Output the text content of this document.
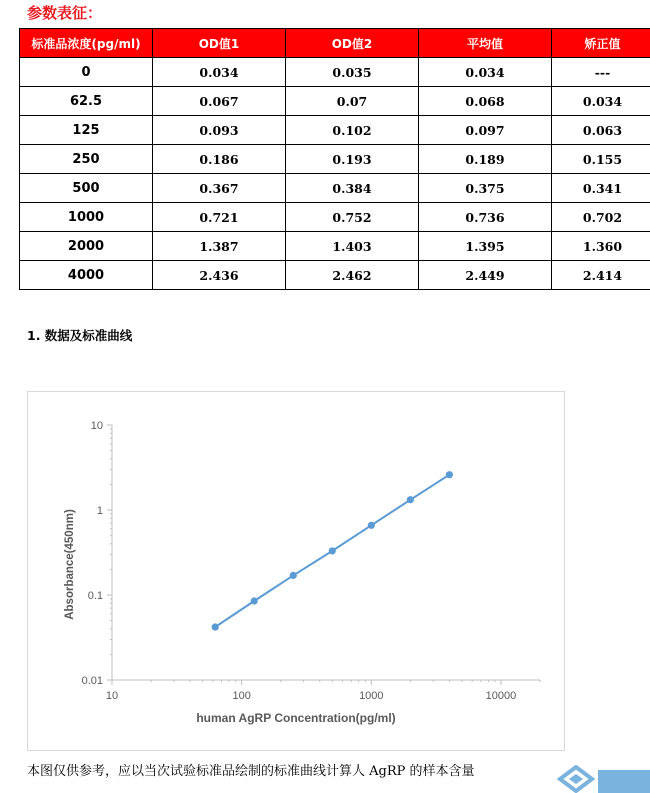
参数表征：
标准品浓度(pg/ml)	OD值1	OD值2	平均值	矫正值
0	0.034	0.035	0.034	---
62.5	0.067	0.07	0.068	0.034
125	0.093	0.102	0.097	0.063
250	0.186	0.193	0.189	0.155
500	0.367	0.384	0.375	0.341
1000	0.721	0.752	0.736	0.702
2000	1.387	1.403	1.395	1.360
4000	2.436	2.462	2.449	2.414
1. 数据及标准曲线
0.01
0.1
1
10
10	100	1000	10000
human AgRP Concentration(pg/ml)
Absorbance(450nm)
本图仅供参考，应以当次试验标准品绘制的标准曲线计算人 AgRP 的样本含量
